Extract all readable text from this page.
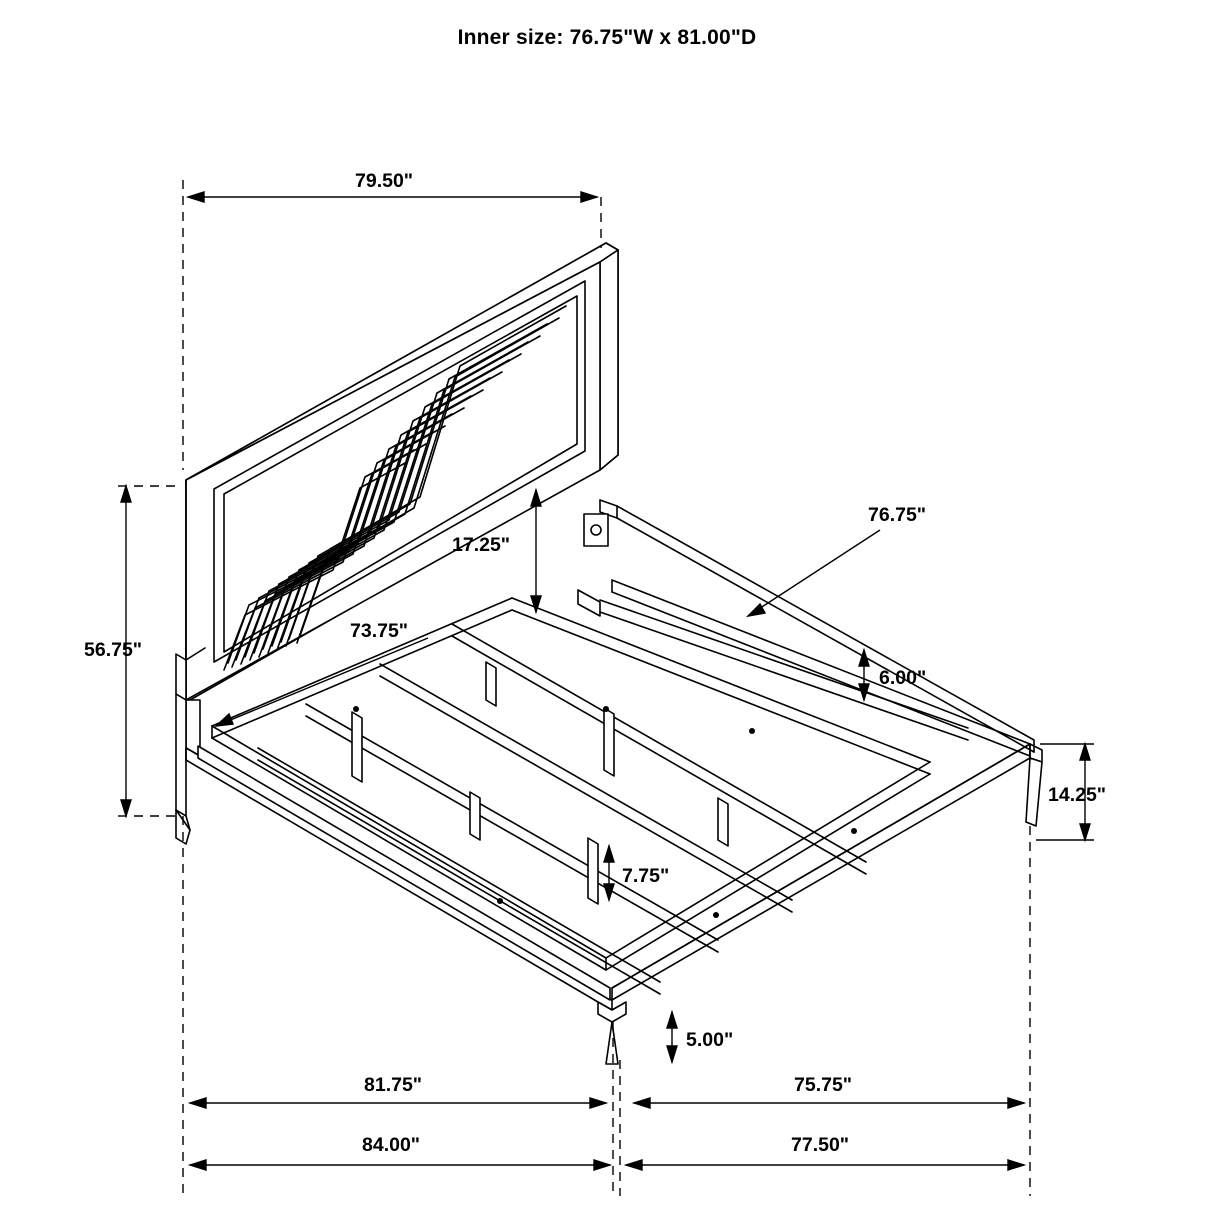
Inner size: 76.75"W x 81.00"D
79.50"
56.75"
17.25"
73.75"
76.75"
6.00"
14.25"
7.75"
5.00"
81.75"	75.75"
84.00"	77.50"
